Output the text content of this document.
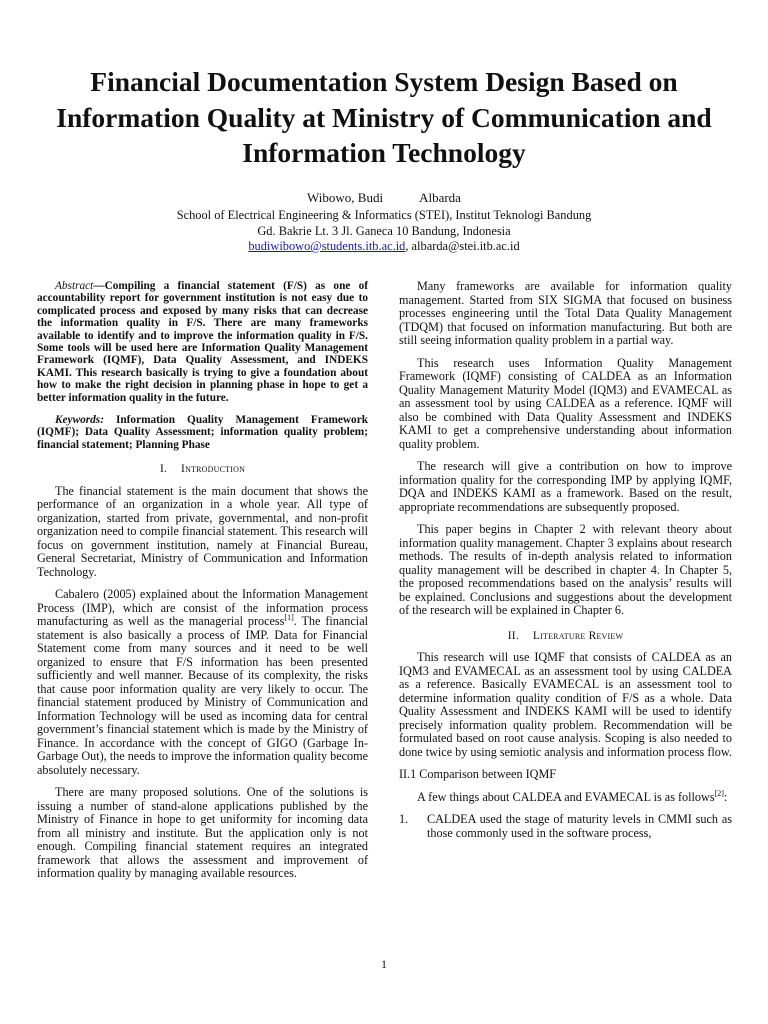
Financial Documentation System Design Based on Information Quality at Ministry of Communication and Information Technology
Wibowo, Budi	Albarda
School of Electrical Engineering & Informatics (STEI), Institut Teknologi Bandung
Gd. Bakrie Lt. 3 Jl. Ganeca 10 Bandung, Indonesia
budiwibowo@students.itb.ac.id, albarda@stei.itb.ac.id

Abstract—Compiling a financial statement (F/S) as one of accountability report for government institution is not easy due to complicated process and exposed by many risks that can decrease the information quality in F/S. There are many frameworks available to identify and to improve the information quality in F/S. Some tools will be used here are Information Quality Management Framework (IQMF), Data Quality Assessment, and INDEKS KAMI. This research basically is trying to give a foundation about how to make the right decision in planning phase in hope to get a better information quality in the future.

Keywords: Information Quality Management Framework (IQMF); Data Quality Assessment; information quality problem; financial statement; Planning Phase

I. Introduction

The financial statement is the main document that shows the performance of an organization in a whole year. All type of organization, started from private, governmental, and non-profit organization need to compile financial statement. This research will focus on government institution, namely at Financial Bureau, General Secretariat, Ministry of Communication and Information Technology.

Cabalero (2005) explained about the Information Management Process (IMP), which are consist of the information process manufacturing as well as the managerial process[1]. The financial statement is also basically a process of IMP. Data for Financial Statement come from many sources and it need to be well organized to ensure that F/S information has been presented sufficiently and well manner. Because of its complexity, the risks that cause poor information quality are very likely to occur. The financial statement produced by Ministry of Communication and Information Technology will be used as incoming data for central government’s financial statement which is made by the Ministry of Finance. In accordance with the concept of GIGO (Garbage In-Garbage Out), the needs to improve the information quality become absolutely necessary.

There are many proposed solutions. One of the solutions is issuing a number of stand-alone applications published by the Ministry of Finance in hope to get uniformity for incoming data from all ministry and institute. But the application only is not enough. Compiling financial statement requires an integrated framework that allows the assessment and improvement of information quality by managing available resources.

Many frameworks are available for information quality management. Started from SIX SIGMA that focused on business processes engineering until the Total Data Quality Management (TDQM) that focused on information manufacturing. But both are still seeing information quality problem in a partial way.

This research uses Information Quality Management Framework (IQMF) consisting of CALDEA as an Information Quality Management Maturity Model (IQM3) and EVAMECAL as an assessment tool by using CALDEA as a reference. IQMF will also be combined with Data Quality Assessment and INDEKS KAMI to get a comprehensive understanding about information quality problem.

The research will give a contribution on how to improve information quality for the corresponding IMP by applying IQMF, DQA and INDEKS KAMI as a framework. Based on the result, appropriate recommendations are subsequently proposed.

This paper begins in Chapter 2 with relevant theory about information quality management. Chapter 3 explains about research methods. The results of in-depth analysis related to information quality management will be described in chapter 4. In Chapter 5, the proposed recommendations based on the analysis’ results will be explained. Conclusions and suggestions about the development of the research will be explained in Chapter 6.

II. Literature Review

This research will use IQMF that consists of CALDEA as an IQM3 and EVAMECAL as an assessment tool by using CALDEA as a reference. Basically EVAMECAL is an assessment tool to determine information quality condition of F/S as a whole. Data Quality Assessment and INDEKS KAMI will be used to identify precisely information quality problem. Recommendation will be formulated based on root cause analysis. Scoping is also needed to done twice by using semiotic analysis and information process flow.

II.1 Comparison between IQMF

A few things about CALDEA and EVAMECAL is as follows[2]:

1.	CALDEA used the stage of maturity levels in CMMI such as those commonly used in the software process,
1
